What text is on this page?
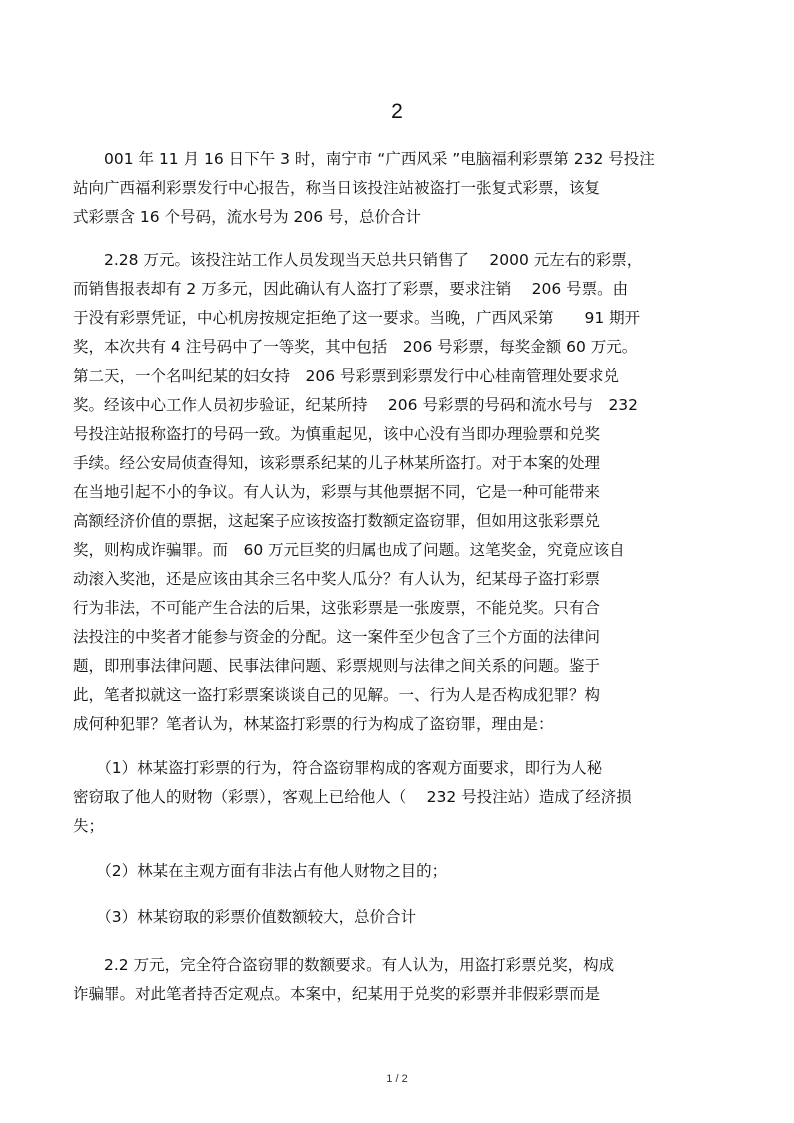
2
　　001 年 11 月 16 日下午 3 时，南宁市 “广西风采 ”电脑福利彩票第 232 号投注
站向广西福利彩票发行中心报告，称当日该投注站被盗打一张复式彩票，该复
式彩票含 16 个号码，流水号为 206 号，总价合计
　　2.28 万元。该投注站工作人员发现当天总共只销售了　 2000 元左右的彩票，
而销售报表却有 2 万多元，因此确认有人盗打了彩票，要求注销　 206 号票。由
于没有彩票凭证，中心机房按规定拒绝了这一要求。当晚，广西风采第　　91 期开
奖，本次共有 4 注号码中了一等奖，其中包括　206 号彩票，每奖金额 60 万元。
第二天，一个名叫纪某的妇女持　206 号彩票到彩票发行中心桂南管理处要求兑
奖。经该中心工作人员初步验证，纪某所持　 206 号彩票的号码和流水号与　232
号投注站报称盗打的号码一致。为慎重起见，该中心没有当即办理验票和兑奖
手续。经公安局侦查得知，该彩票系纪某的儿子林某所盗打。对于本案的处理
在当地引起不小的争议。有人认为，彩票与其他票据不同，它是一种可能带来
高额经济价值的票据，这起案子应该按盗打数额定盗窃罪，但如用这张彩票兑
奖，则构成诈骗罪。而　60 万元巨奖的归属也成了问题。这笔奖金，究竟应该自
动滚入奖池，还是应该由其余三名中奖人瓜分？有人认为，纪某母子盗打彩票
行为非法，不可能产生合法的后果，这张彩票是一张废票，不能兑奖。只有合
法投注的中奖者才能参与资金的分配。这一案件至少包含了三个方面的法律问
题，即刑事法律问题、民事法律问题、彩票规则与法律之间关系的问题。鉴于
此，笔者拟就这一盗打彩票案谈谈自己的见解。一、行为人是否构成犯罪？构
成何种犯罪？笔者认为，林某盗打彩票的行为构成了盗窃罪，理由是：
　　（1）林某盗打彩票的行为，符合盗窃罪构成的客观方面要求，即行为人秘
密窃取了他人的财物（彩票），客观上已给他人（　 232 号投注站）造成了经济损
失；
　　（2）林某在主观方面有非法占有他人财物之目的；
　　（3）林某窃取的彩票价值数额较大，总价合计
　　2.2 万元，完全符合盗窃罪的数额要求。有人认为，用盗打彩票兑奖，构成
诈骗罪。对此笔者持否定观点。本案中，纪某用于兑奖的彩票并非假彩票而是
1 / 2
